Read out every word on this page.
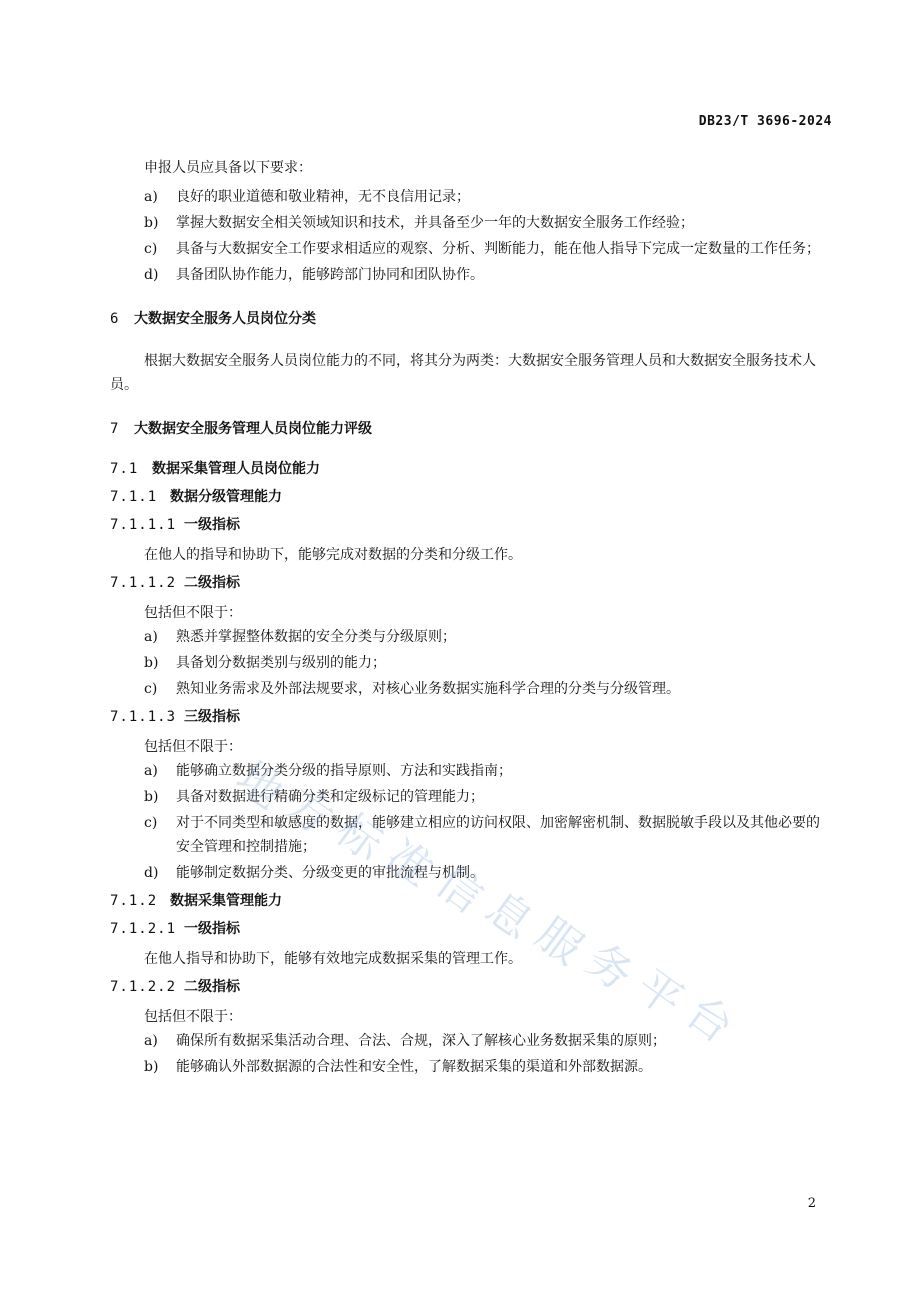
DB23/T 3696-2024

申报人员应具备以下要求：

a) 良好的职业道德和敬业精神，无不良信用记录；
b) 掌握大数据安全相关领域知识和技术，并具备至少一年的大数据安全服务工作经验；
c) 具备与大数据安全工作要求相适应的观察、分析、判断能力，能在他人指导下完成一定数量的工作任务；
d) 具备团队协作能力，能够跨部门协同和团队协作。
6 大数据安全服务人员岗位分类

根据大数据安全服务人员岗位能力的不同，将其分为两类：大数据安全服务管理人员和大数据安全服务技术人员。

7 大数据安全服务管理人员岗位能力评级
7.1 数据采集管理人员岗位能力
7.1.1 数据分级管理能力
7.1.1.1 一级指标

在他人的指导和协助下，能够完成对数据的分类和分级工作。

7.1.1.2 二级指标

包括但不限于：

a) 熟悉并掌握整体数据的安全分类与分级原则；
b) 具备划分数据类别与级别的能力；
c) 熟知业务需求及外部法规要求，对核心业务数据实施科学合理的分类与分级管理。
7.1.1.3 三级指标

包括但不限于：

a) 能够确立数据分类分级的指导原则、方法和实践指南；
b) 具备对数据进行精确分类和定级标记的管理能力；
c) 对于不同类型和敏感度的数据，能够建立相应的访问权限、加密解密机制、数据脱敏手段以及其他必要的安全管理和控制措施；
d) 能够制定数据分类、分级变更的审批流程与机制。
7.1.2 数据采集管理能力
7.1.2.1 一级指标

在他人指导和协助下，能够有效地完成数据采集的管理工作。

7.1.2.2 二级指标

包括但不限于：

a) 确保所有数据采集活动合理、合法、合规，深入了解核心业务数据采集的原则；
b) 能够确认外部数据源的合法性和安全性，了解数据采集的渠道和外部数据源。
地
方
标
准
信
息
服
务
平
台
2
